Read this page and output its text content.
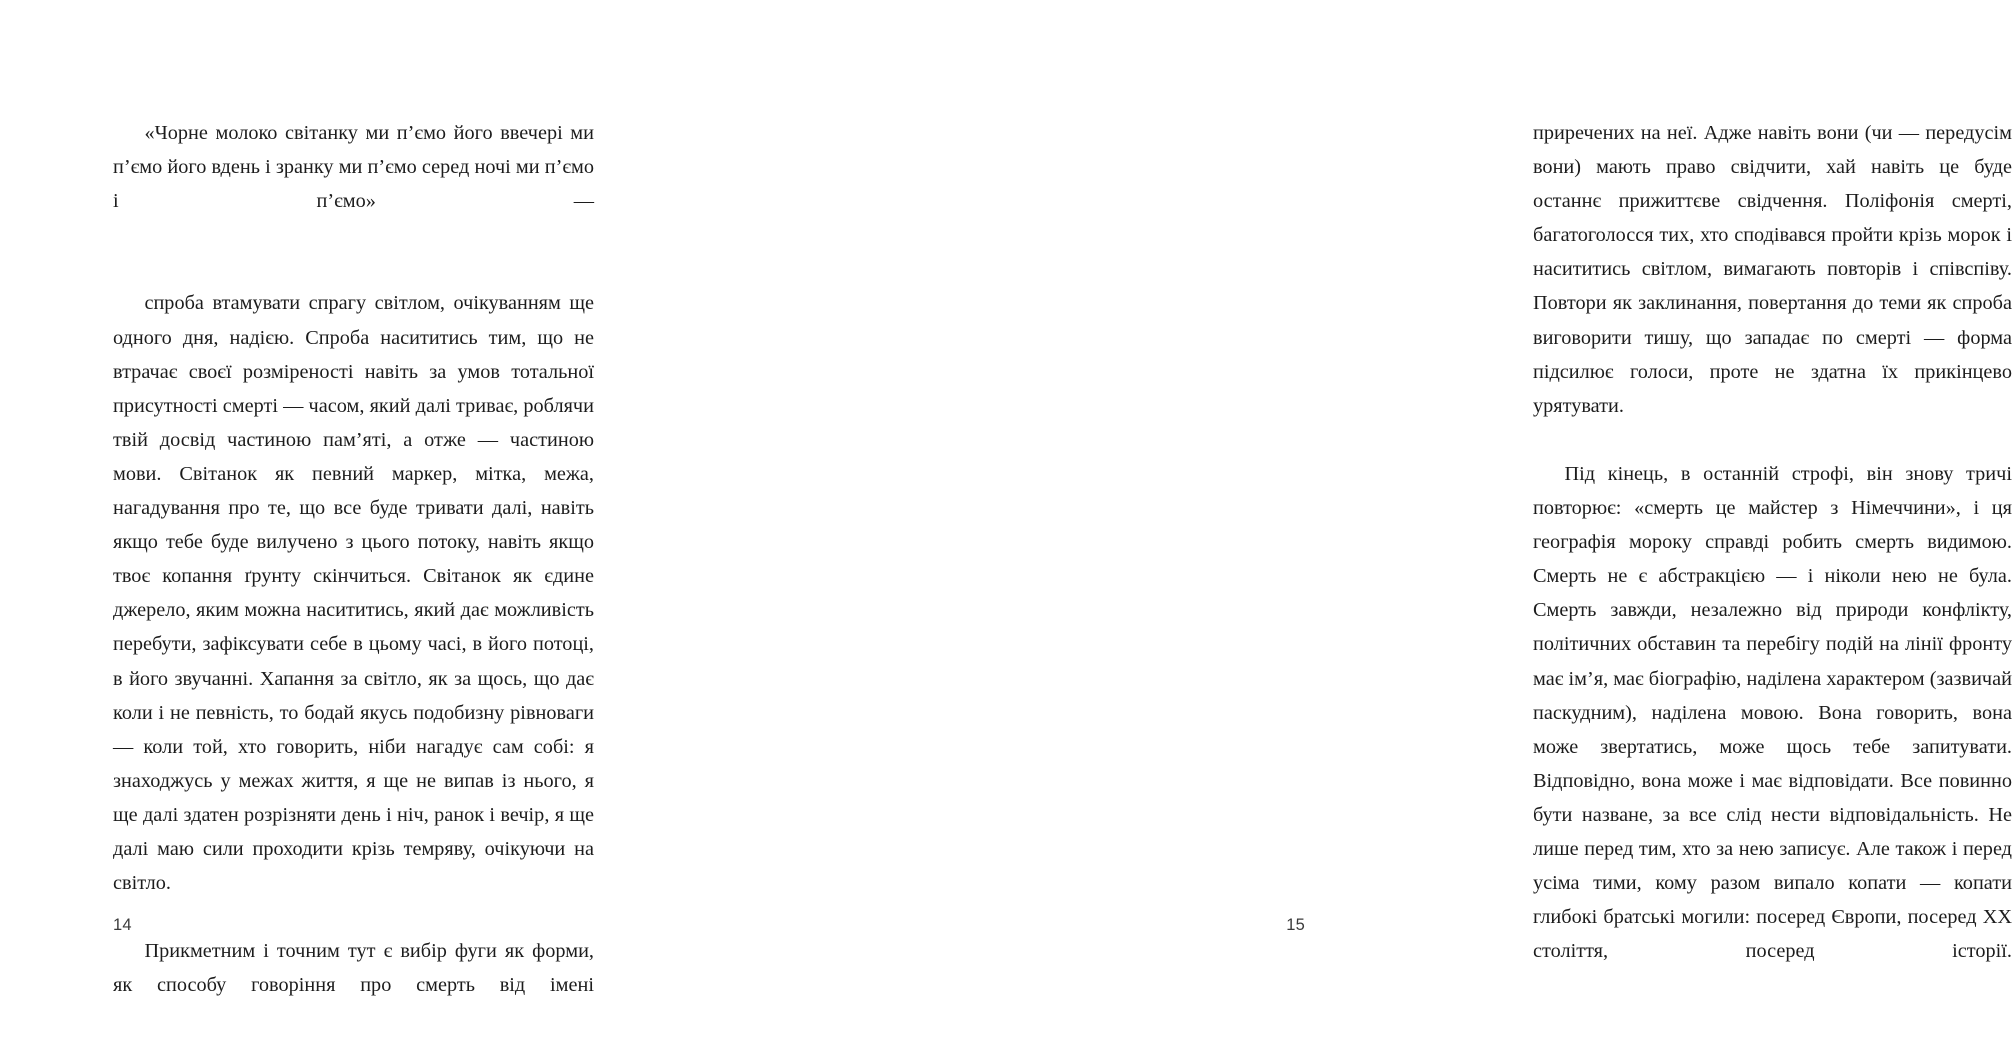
«Чорне молоко світанку ми п’ємо його ввечері ми п’ємо його вдень і зранку ми п’ємо серед ночі ми п’ємо і п’ємо» —

спроба втамувати спрагу світлом, очікуванням ще одного дня, надією. Спроба насититись тим, що не втрачає своєї розміреності навіть за умов тотальної присутності смерті — часом, який далі триває, роблячи твій досвід частиною пам’яті, а отже — частиною мови. Світанок як певний маркер, мітка, межа, нагадування про те, що все буде тривати далі, навіть якщо тебе буде вилучено з цього потоку, навіть якщо твоє копання ґрунту скінчиться. Світанок як єдине джерело, яким можна насититись, який дає можливість перебути, зафіксувати себе в цьому часі, в його потоці, в його звучанні. Хапання за світло, як за щось, що дає коли і не певність, то бодай якусь подобизну рівноваги — коли той, хто говорить, ніби нагадує сам собі: я знаходжусь у межах життя, я ще не випав із нього, я ще далі здатен розрізняти день і ніч, ранок і вечір, я ще далі маю сили проходити крізь темряву, очікуючи на світло.

Прикметним і точним тут є вибір фуги як форми, як способу говоріння про смерть від імені

14

приречених на неї. Адже навіть вони (чи — передусім вони) мають право свідчити, хай навіть це буде останнє прижиттєве свідчення. Поліфонія смерті, багатоголосся тих, хто сподівався пройти крізь морок і насититись світлом, вимагають повторів і співспіву. Повтори як заклинання, повертання до теми як спроба виговорити тишу, що западає по смерті — форма підсилює голоси, проте не здатна їх прикінцево урятувати.

Під кінець, в останній строфі, він знову тричі повторює: «смерть це майстер з Німеччини», і ця географія мороку справді робить смерть видимою. Смерть не є абстракцією — і ніколи нею не була. Смерть завжди, незалежно від природи конфлікту, політичних обставин та перебігу подій на лінії фронту має ім’я, має біографію, наділена характером (зазвичай паскудним), наділена мовою. Вона говорить, вона може звертатись, може щось тебе запитувати. Відповідно, вона може і має відповідати. Все повинно бути назване, за все слід нести відповідальність. Не лише перед тим, хто за нею записує. Але також і перед усіма тими, кому разом випало копати — копати глибокі братські могили: посеред Європи, посеред XX століття, посеред історії.

15
